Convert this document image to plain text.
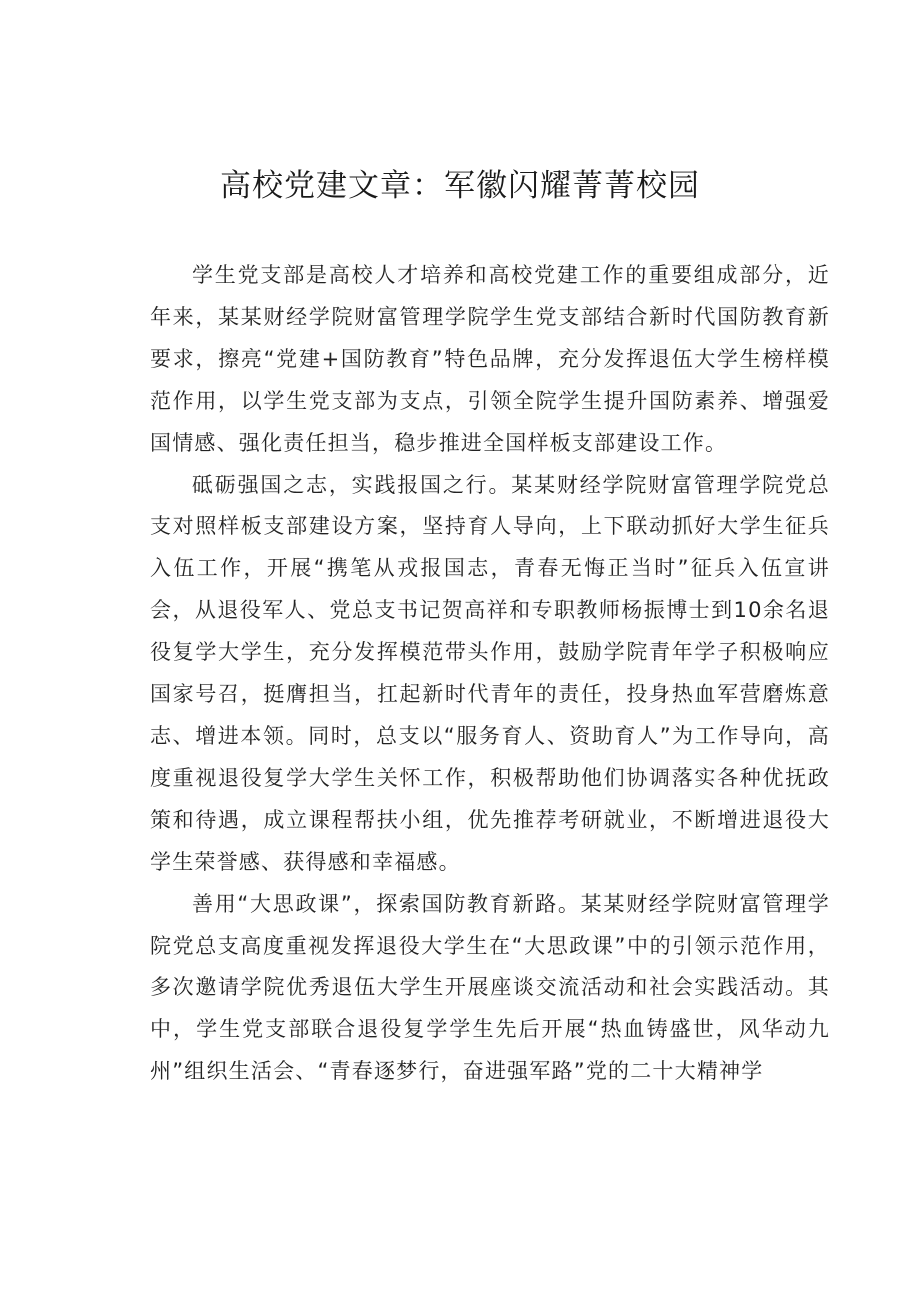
高校党建文章：军徽闪耀菁菁校园

学生党支部是高校人才培养和高校党建工作的重要组成部分，近年来，某某财经学院财富管理学院学生党支部结合新时代国防教育新要求，擦亮“党建+国防教育”特色品牌，充分发挥退伍大学生榜样模范作用，以学生党支部为支点，引领全院学生提升国防素养、增强爱国情感、强化责任担当，稳步推进全国样板支部建设工作。

砥砺强国之志，实践报国之行。某某财经学院财富管理学院党总支对照样板支部建设方案，坚持育人导向，上下联动抓好大学生征兵入伍工作，开展“携笔从戎报国志，青春无悔正当时”征兵入伍宣讲会，从退役军人、党总支书记贺高祥和专职教师杨振博士到10余名退役复学大学生，充分发挥模范带头作用，鼓励学院青年学子积极响应国家号召，挺膺担当，扛起新时代青年的责任，投身热血军营磨炼意志、增进本领。同时，总支以“服务育人、资助育人”为工作导向，高度重视退役复学大学生关怀工作，积极帮助他们协调落实各种优抚政策和待遇，成立课程帮扶小组，优先推荐考研就业，不断增进退役大学生荣誉感、获得感和幸福感。

善用“大思政课”，探索国防教育新路。某某财经学院财富管理学院党总支高度重视发挥退役大学生在“大思政课”中的引领示范作用，多次邀请学院优秀退伍大学生开展座谈交流活动和社会实践活动。其中，学生党支部联合退役复学学生先后开展“热血铸盛世，风华动九州”组织生活会、“青春逐梦行，奋进强军路”党的二十大精神学
